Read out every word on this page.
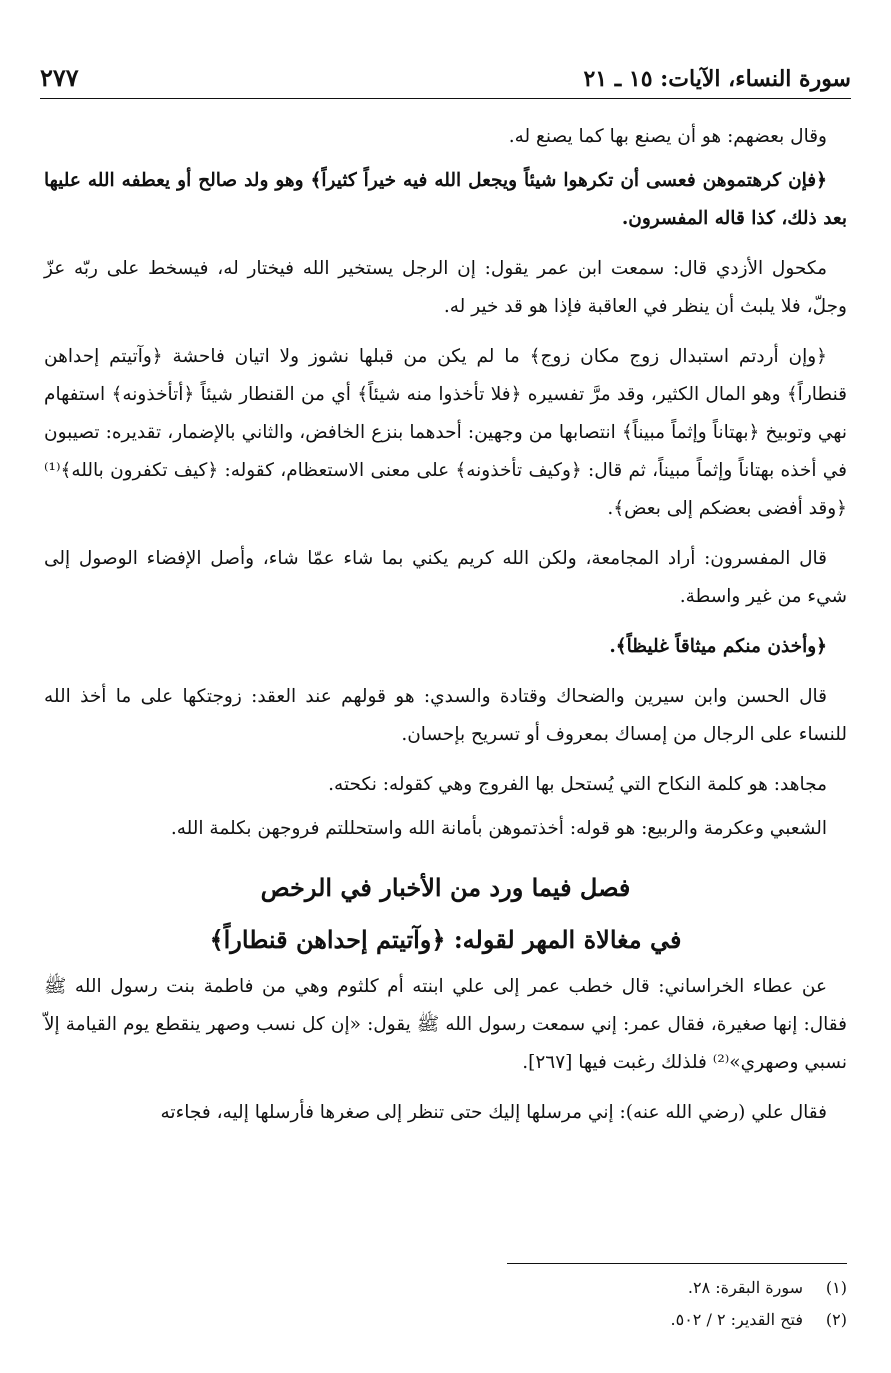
سورة النساء، الآيات: ١٥ ـ ٢١
٢٧٧

وقال بعضهم: هو أن يصنع بها كما يصنع له.

﴿فإن كرهتموهن فعسى أن تكرهوا شيئاً ويجعل الله فيه خيراً كثيراً﴾ وهو ولد صالح أو يعطفه الله عليها بعد ذلك، كذا قاله المفسرون.

مكحول الأزدي قال: سمعت ابن عمر يقول: إن الرجل يستخير الله فيختار له، فيسخط على ربّه عزّ وجلّ، فلا يلبث أن ينظر في العاقبة فإذا هو قد خير له.

﴿وإن أردتم استبدال زوج مكان زوج﴾ ما لم يكن من قبلها نشوز ولا اتيان فاحشة ﴿وآتيتم إحداهن قنطاراً﴾ وهو المال الكثير، وقد مرَّ تفسيره ﴿فلا تأخذوا منه شيئاً﴾ أي من القنطار شيئاً ﴿أتأخذونه﴾ استفهام نهي وتوبيخ ﴿بهتاناً وإثماً مبيناً﴾ انتصابها من وجهين: أحدهما بنزع الخافض، والثاني بالإضمار، تقديره: تصيبون في أخذه بهتاناً وإثماً مبيناً، ثم قال: ﴿وكيف تأخذونه﴾ على معنى الاستعظام، كقوله: ﴿كيف تكفرون بالله﴾⁽¹⁾ ﴿وقد أفضى بعضكم إلى بعض﴾.

قال المفسرون: أراد المجامعة، ولكن الله كريم يكني بما شاء عمّا شاء، وأصل الإفضاء الوصول إلى شيء من غير واسطة.

﴿وأخذن منكم ميثاقاً غليظاً﴾.

قال الحسن وابن سيرين والضحاك وقتادة والسدي: هو قولهم عند العقد: زوجتكها على ما أخذ الله للنساء على الرجال من إمساك بمعروف أو تسريح بإحسان.

مجاهد: هو كلمة النكاح التي يُستحل بها الفروج وهي كقوله: نكحته.

الشعبي وعكرمة والربيع: هو قوله: أخذتموهن بأمانة الله واستحللتم فروجهن بكلمة الله.

فصل فيما ورد من الأخبار في الرخص
في مغالاة المهر لقوله: ﴿وآتيتم إحداهن قنطاراً﴾

عن عطاء الخراساني: قال خطب عمر إلى علي ابنته أم كلثوم وهي من فاطمة بنت رسول الله ﷺ فقال: إنها صغيرة، فقال عمر: إني سمعت رسول الله ﷺ يقول: «إن كل نسب وصهر ينقطع يوم القيامة إلاّ نسبي وصهري»⁽²⁾ فلذلك رغبت فيها [٢٦٧].

فقال علي (رضي الله عنه): إني مرسلها إليك حتى تنظر إلى صغرها فأرسلها إليه، فجاءته

(١)
سورة البقرة: ٢٨.
(٢)
فتح القدير: ٢ / ٥٠٢.
